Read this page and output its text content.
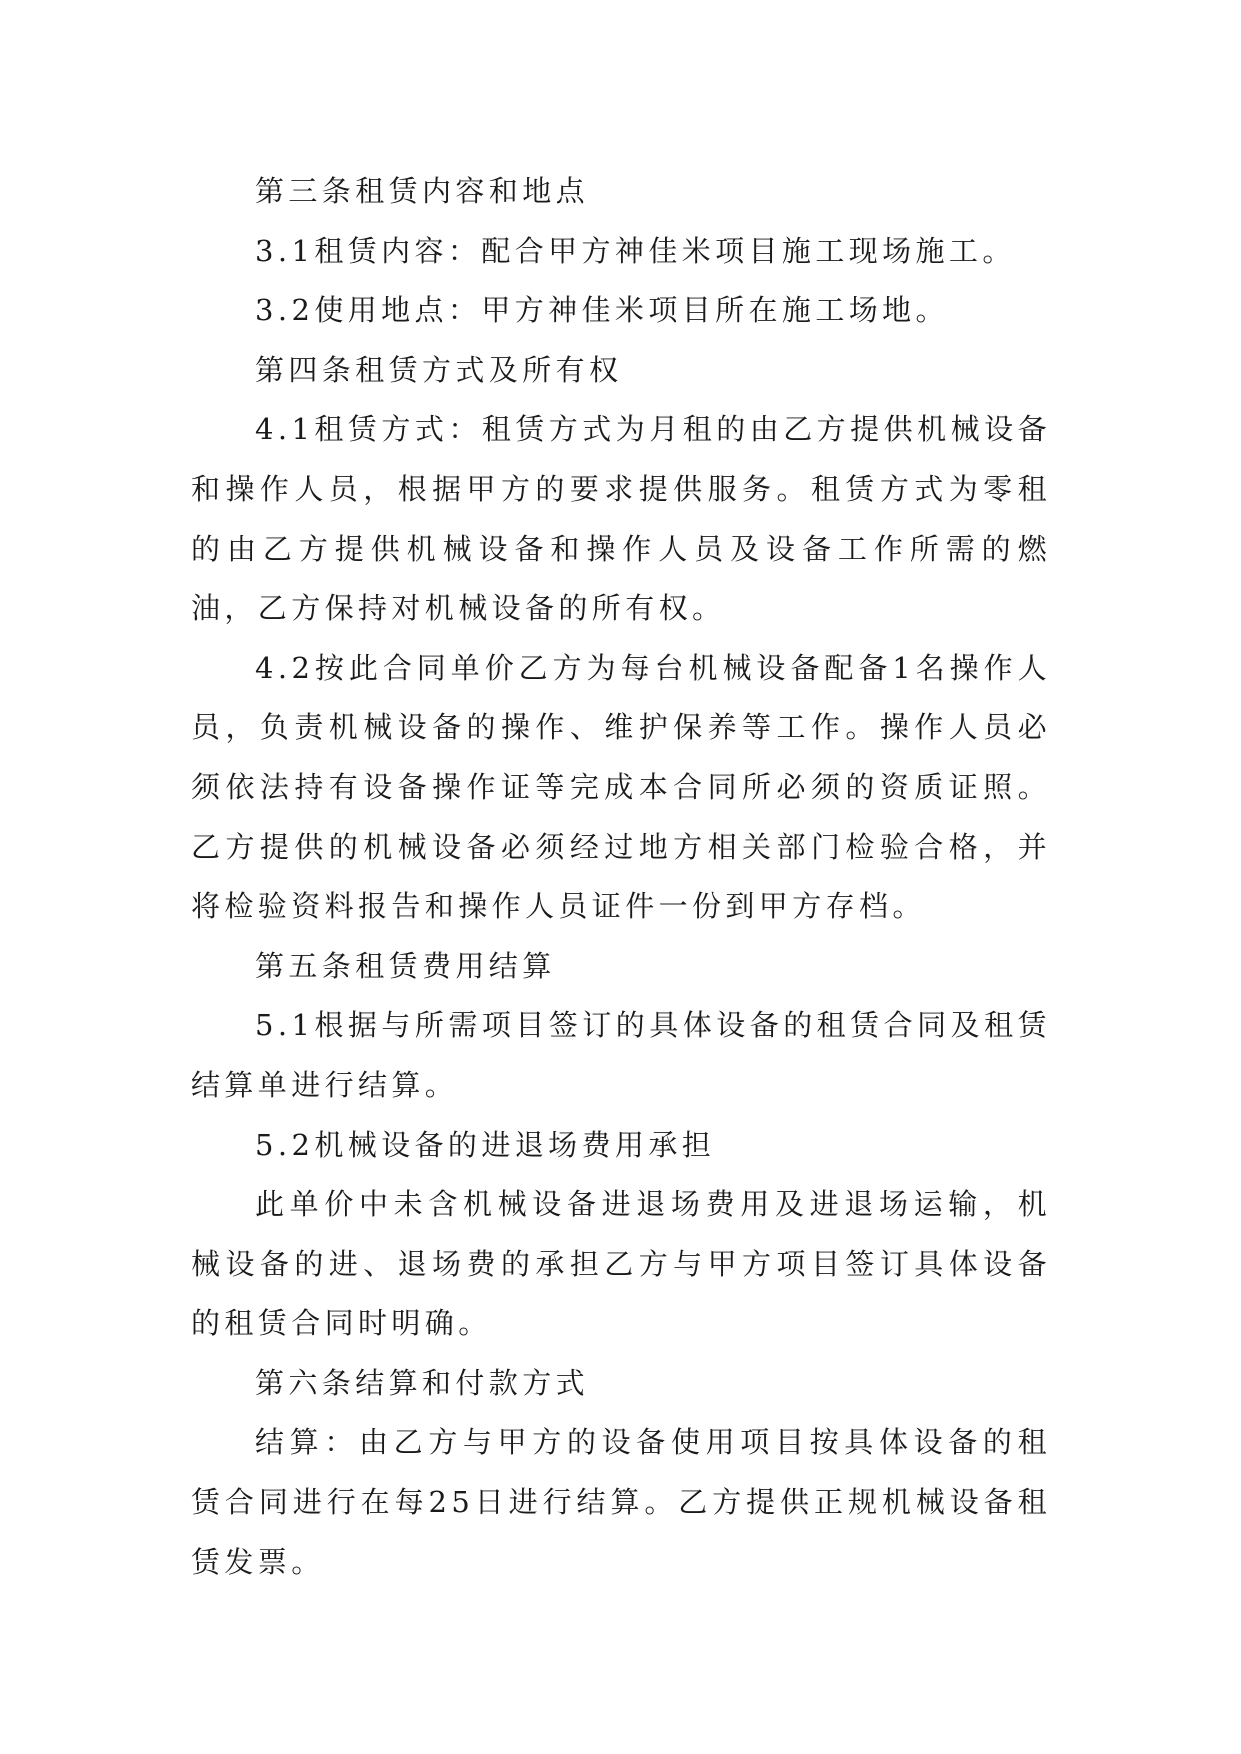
第三条租赁内容和地点

3.1租赁内容：配合甲方神佳米项目施工现场施工。

3.2使用地点：甲方神佳米项目所在施工场地。

第四条租赁方式及所有权

4.1租赁方式：租赁方式为月租的由乙方提供机械设备和操作人员，根据甲方的要求提供服务。租赁方式为零租的由乙方提供机械设备和操作人员及设备工作所需的燃油，乙方保持对机械设备的所有权。

4.2按此合同单价乙方为每台机械设备配备1名操作人员，负责机械设备的操作、维护保养等工作。操作人员必须依法持有设备操作证等完成本合同所必须的资质证照。乙方提供的机械设备必须经过地方相关部门检验合格，并将检验资料报告和操作人员证件一份到甲方存档。

第五条租赁费用结算

5.1根据与所需项目签订的具体设备的租赁合同及租赁结算单进行结算。

5.2机械设备的进退场费用承担

此单价中未含机械设备进退场费用及进退场运输，机械设备的进、退场费的承担乙方与甲方项目签订具体设备的租赁合同时明确。

第六条结算和付款方式

结算：由乙方与甲方的设备使用项目按具体设备的租赁合同进行在每25日进行结算。乙方提供正规机械设备租赁发票。
